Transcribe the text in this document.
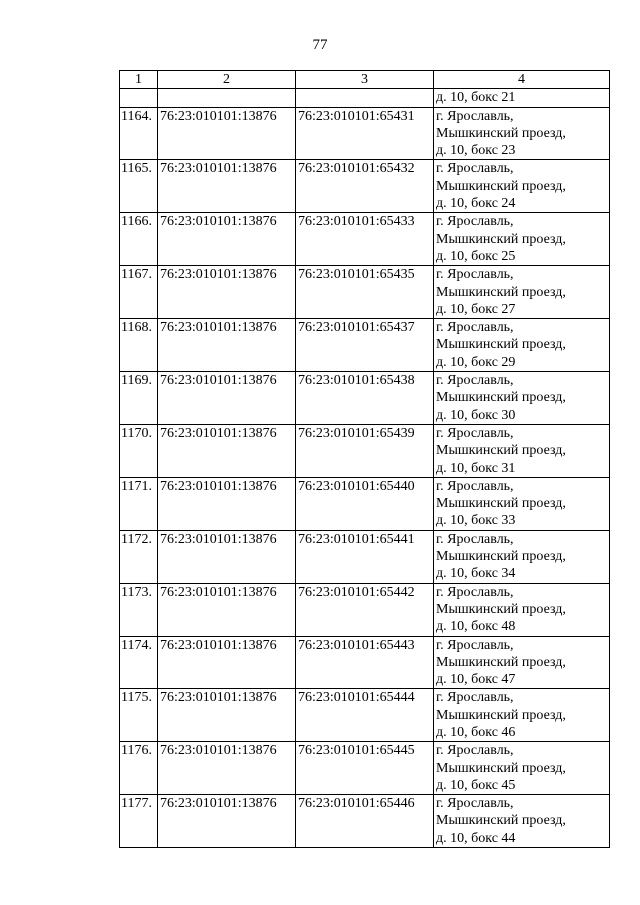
77
1	2	3	4

			д. 10, бокс 21

1164.	76:23:010101:13876	76:23:010101:65431	г. Ярославль,
Мышкинский проезд,
д. 10, бокс 23

1165.	76:23:010101:13876	76:23:010101:65432	г. Ярославль,
Мышкинский проезд,
д. 10, бокс 24

1166.	76:23:010101:13876	76:23:010101:65433	г. Ярославль,
Мышкинский проезд,
д. 10, бокс 25

1167.	76:23:010101:13876	76:23:010101:65435	г. Ярославль,
Мышкинский проезд,
д. 10, бокс 27

1168.	76:23:010101:13876	76:23:010101:65437	г. Ярославль,
Мышкинский проезд,
д. 10, бокс 29

1169.	76:23:010101:13876	76:23:010101:65438	г. Ярославль,
Мышкинский проезд,
д. 10, бокс 30

1170.	76:23:010101:13876	76:23:010101:65439	г. Ярославль,
Мышкинский проезд,
д. 10, бокс 31

1171.	76:23:010101:13876	76:23:010101:65440	г. Ярославль,
Мышкинский проезд,
д. 10, бокс 33

1172.	76:23:010101:13876	76:23:010101:65441	г. Ярославль,
Мышкинский проезд,
д. 10, бокс 34

1173.	76:23:010101:13876	76:23:010101:65442	г. Ярославль,
Мышкинский проезд,
д. 10, бокс 48

1174.	76:23:010101:13876	76:23:010101:65443	г. Ярославль,
Мышкинский проезд,
д. 10, бокс 47

1175.	76:23:010101:13876	76:23:010101:65444	г. Ярославль,
Мышкинский проезд,
д. 10, бокс 46

1176.	76:23:010101:13876	76:23:010101:65445	г. Ярославль,
Мышкинский проезд,
д. 10, бокс 45

1177.	76:23:010101:13876	76:23:010101:65446	г. Ярославль,
Мышкинский проезд,
д. 10, бокс 44
